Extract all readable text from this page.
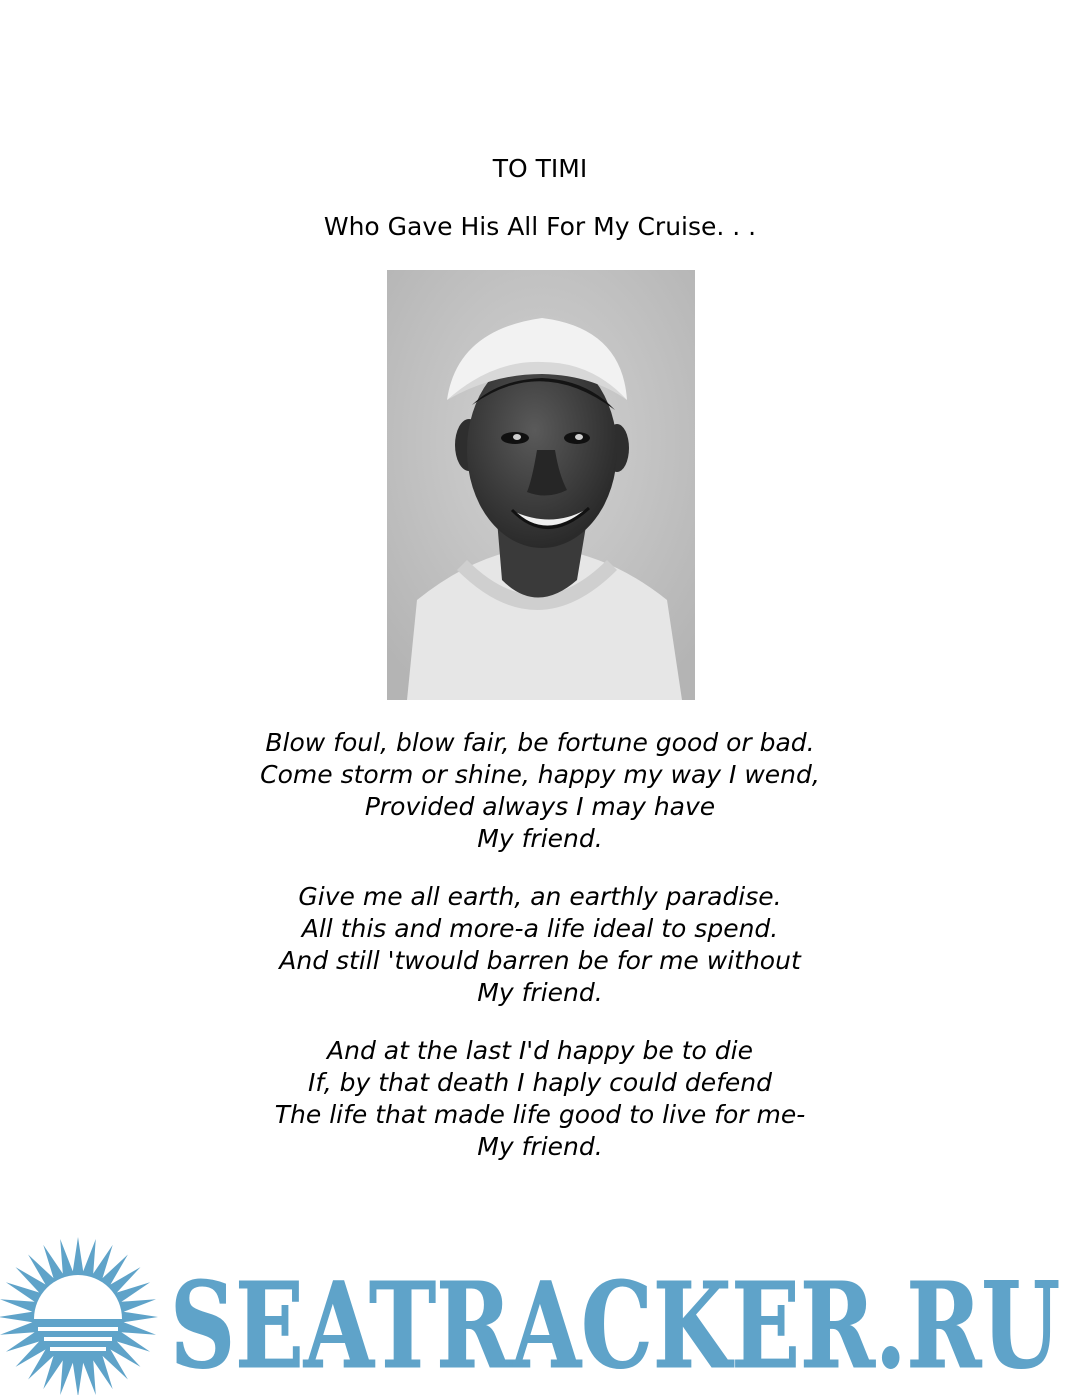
TO TIMI
Who Gave His All For My Cruise. . .
Blow foul, blow fair, be fortune good or bad.
Come storm or shine, happy my way I wend,
Provided always I may have
My friend.
Give me all earth, an earthly paradise.
All this and more-a life ideal to spend.
And still 'twould barren be for me without
My friend.
And at the last I'd happy be to die
If, by that death I haply could defend
The life that made life good to live for me-
My friend.
SEATRACKER.RU
